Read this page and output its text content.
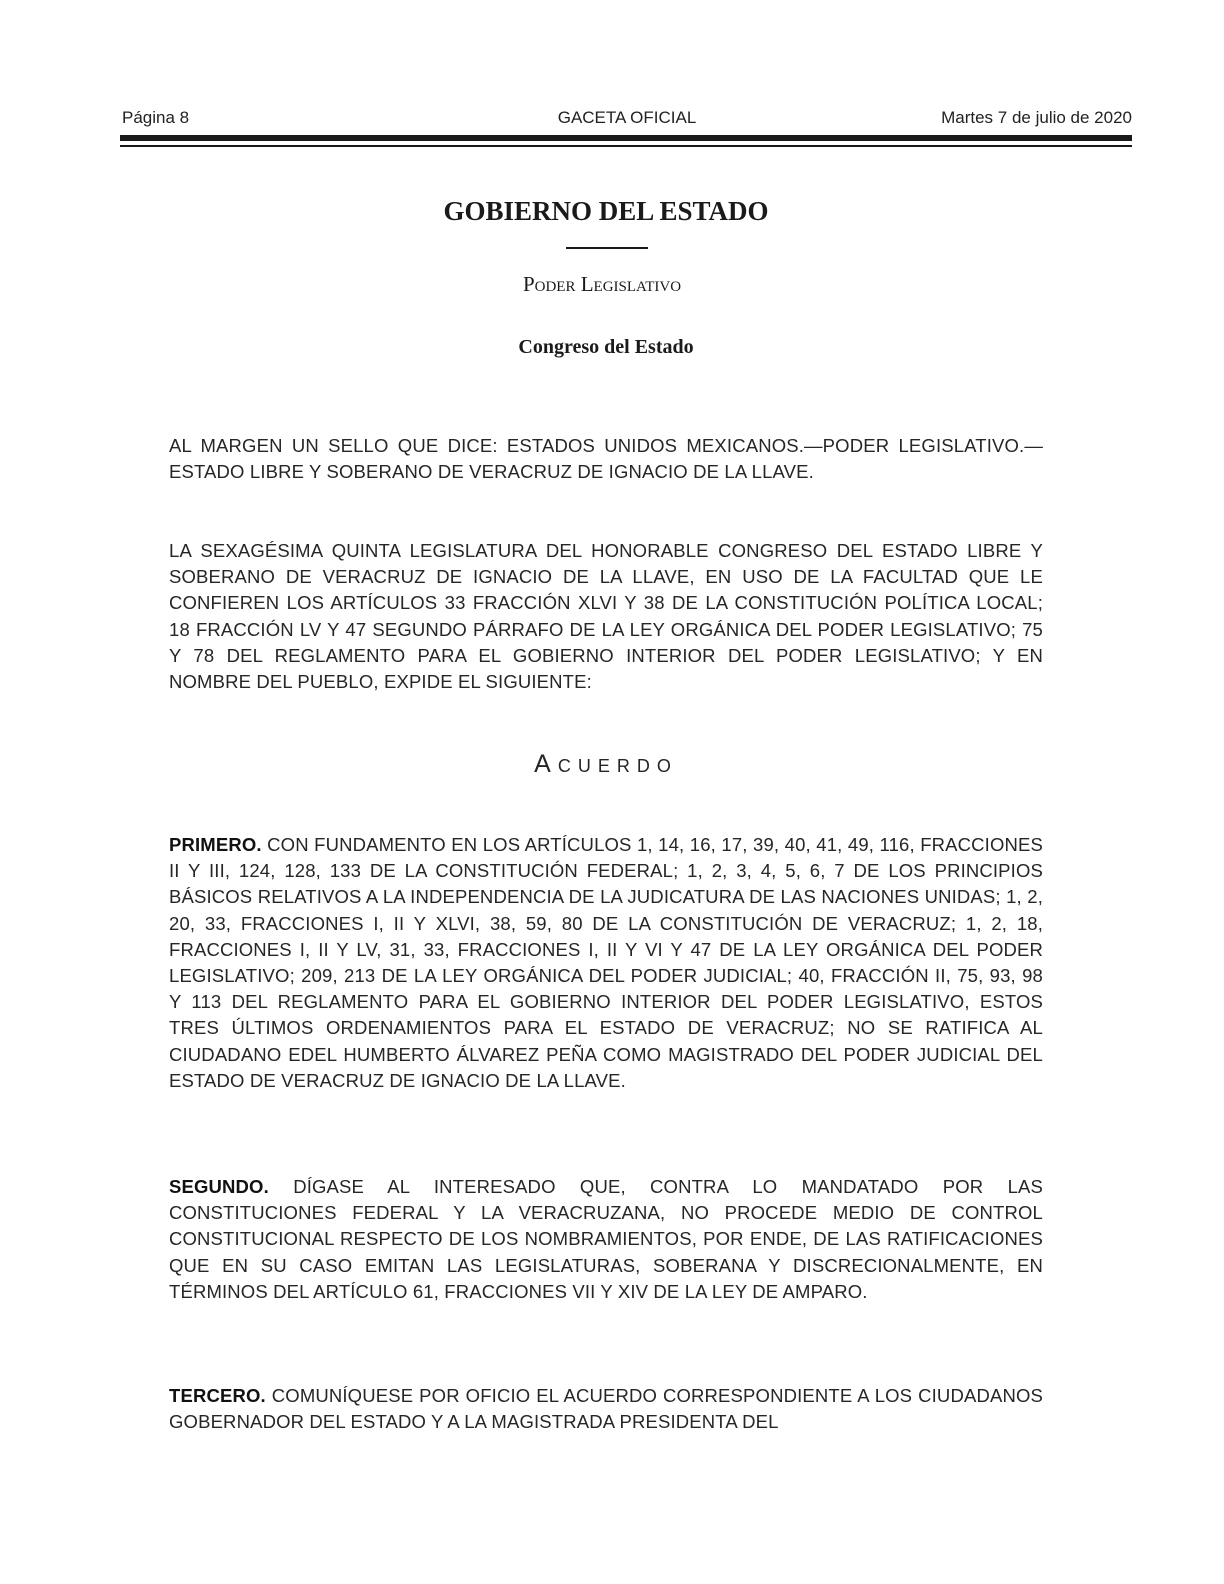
Página 8	GACETA OFICIAL	Martes 7 de julio de 2020
GOBIERNO DEL ESTADO
Poder Legislativo
Congreso del Estado

AL MARGEN UN SELLO QUE DICE: ESTADOS UNIDOS MEXICANOS.—PODER LEGISLATIVO.—ESTADO LIBRE Y SOBERANO DE VERACRUZ DE IGNACIO DE LA LLAVE.

LA SEXAGÉSIMA QUINTA LEGISLATURA DEL HONORABLE CONGRESO DEL ESTADO LIBRE Y SOBERANO DE VERACRUZ DE IGNACIO DE LA LLAVE, EN USO DE LA FACULTAD QUE LE CONFIEREN LOS ARTÍCULOS 33 FRACCIÓN XLVI Y 38 DE LA CONSTITUCIÓN POLÍTICA LOCAL; 18 FRACCIÓN LV Y 47 SEGUNDO PÁRRAFO DE LA LEY ORGÁNICA DEL PODER LEGISLATIVO; 75 Y 78 DEL REGLAMENTO PARA EL GOBIERNO INTERIOR DEL PODER LEGISLATIVO; Y EN NOMBRE DEL PUEBLO, EXPIDE EL SIGUIENTE:

Acuerdo

PRIMERO. CON FUNDAMENTO EN LOS ARTÍCULOS 1, 14, 16, 17, 39, 40, 41, 49, 116, FRACCIONES II Y III, 124, 128, 133 DE LA CONSTITUCIÓN FEDERAL; 1, 2, 3, 4, 5, 6, 7 DE LOS PRINCIPIOS BÁSICOS RELATIVOS A LA INDEPENDENCIA DE LA JUDICATURA DE LAS NACIONES UNIDAS; 1, 2, 20, 33, FRACCIONES I, II Y XLVI, 38, 59, 80 DE LA CONSTITUCIÓN DE VERACRUZ; 1, 2, 18, FRACCIONES I, II Y LV, 31, 33, FRACCIONES I, II Y VI Y 47 DE LA LEY ORGÁNICA DEL PODER LEGISLATIVO; 209, 213 DE LA LEY ORGÁNICA DEL PODER JUDICIAL; 40, FRACCIÓN II, 75, 93, 98 Y 113 DEL REGLAMENTO PARA EL GOBIERNO INTERIOR DEL PODER LEGISLATIVO, ESTOS TRES ÚLTIMOS ORDENAMIENTOS PARA EL ESTADO DE VERACRUZ; NO SE RATIFICA AL CIUDADANO EDEL HUMBERTO ÁLVAREZ PEÑA COMO MAGISTRADO DEL PODER JUDICIAL DEL ESTADO DE VERACRUZ DE IGNACIO DE LA LLAVE.

SEGUNDO. DÍGASE AL INTERESADO QUE, CONTRA LO MANDATADO POR LAS CONSTITUCIONES FEDERAL Y LA VERACRUZANA, NO PROCEDE MEDIO DE CONTROL CONSTITUCIONAL RESPECTO DE LOS NOMBRAMIENTOS, POR ENDE, DE LAS RATIFICACIONES QUE EN SU CASO EMITAN LAS LEGISLATURAS, SOBERANA Y DISCRECIONALMENTE, EN TÉRMINOS DEL ARTÍCULO 61, FRACCIONES VII Y XIV DE LA LEY DE AMPARO.

TERCERO. COMUNÍQUESE POR OFICIO EL ACUERDO CORRESPONDIENTE A LOS CIUDADANOS GOBERNADOR DEL ESTADO Y A LA MAGISTRADA PRESIDENTA DEL
